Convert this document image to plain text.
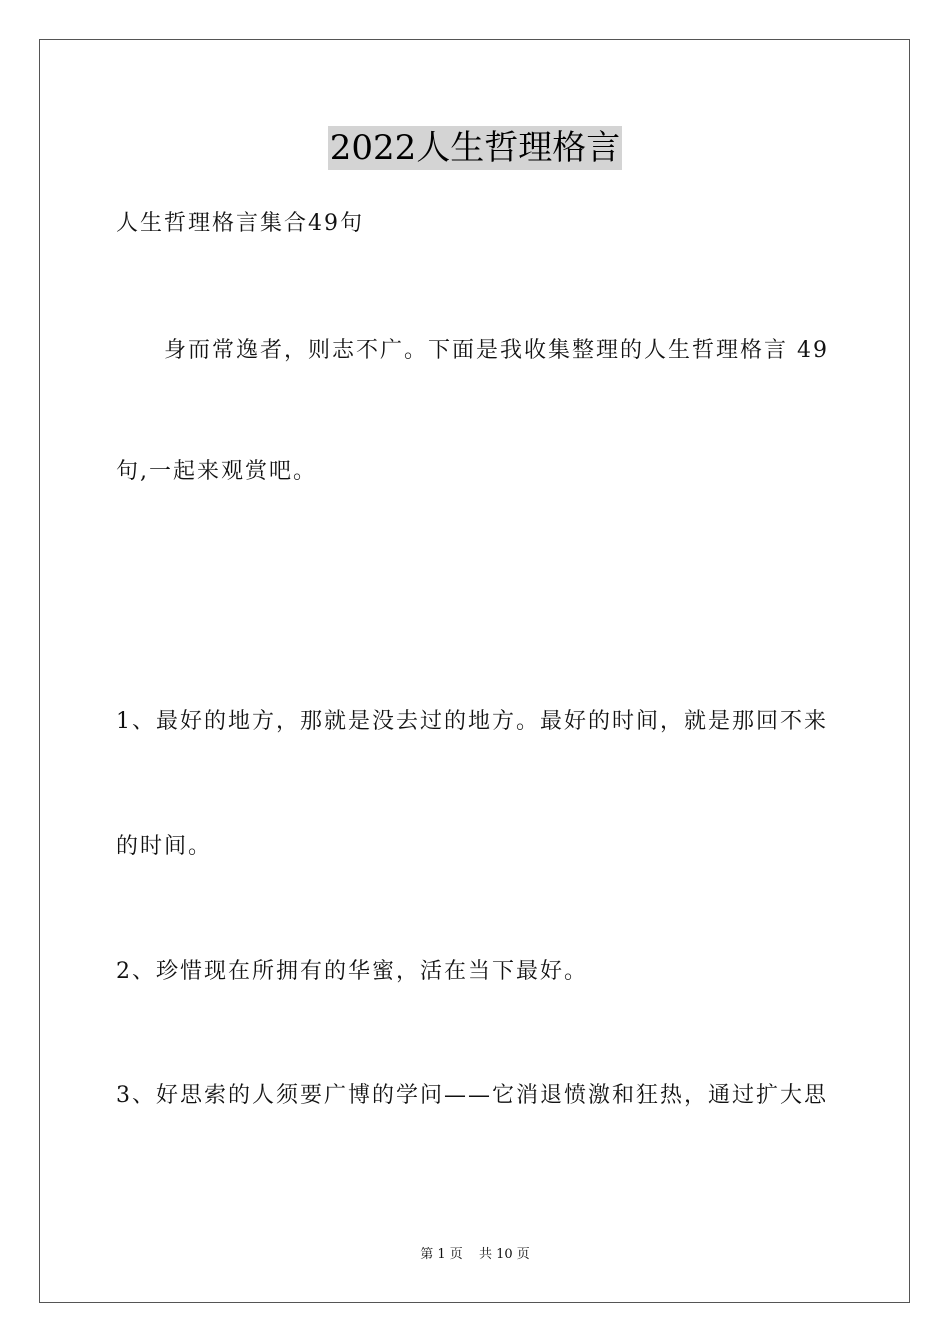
2022人生哲理格言
人生哲理格言集合49句
身而常逸者，则志不广。下面是我收集整理的人生哲理格言 49
句,一起来观赏吧。
1、最好的地方，那就是没去过的地方。最好的时间，就是那回不来
的时间。
2、珍惜现在所拥有的华蜜，活在当下最好。
3、好思索的人须要广博的学问——它消退愤激和狂热，通过扩大思
第 1 页 共 10 页
